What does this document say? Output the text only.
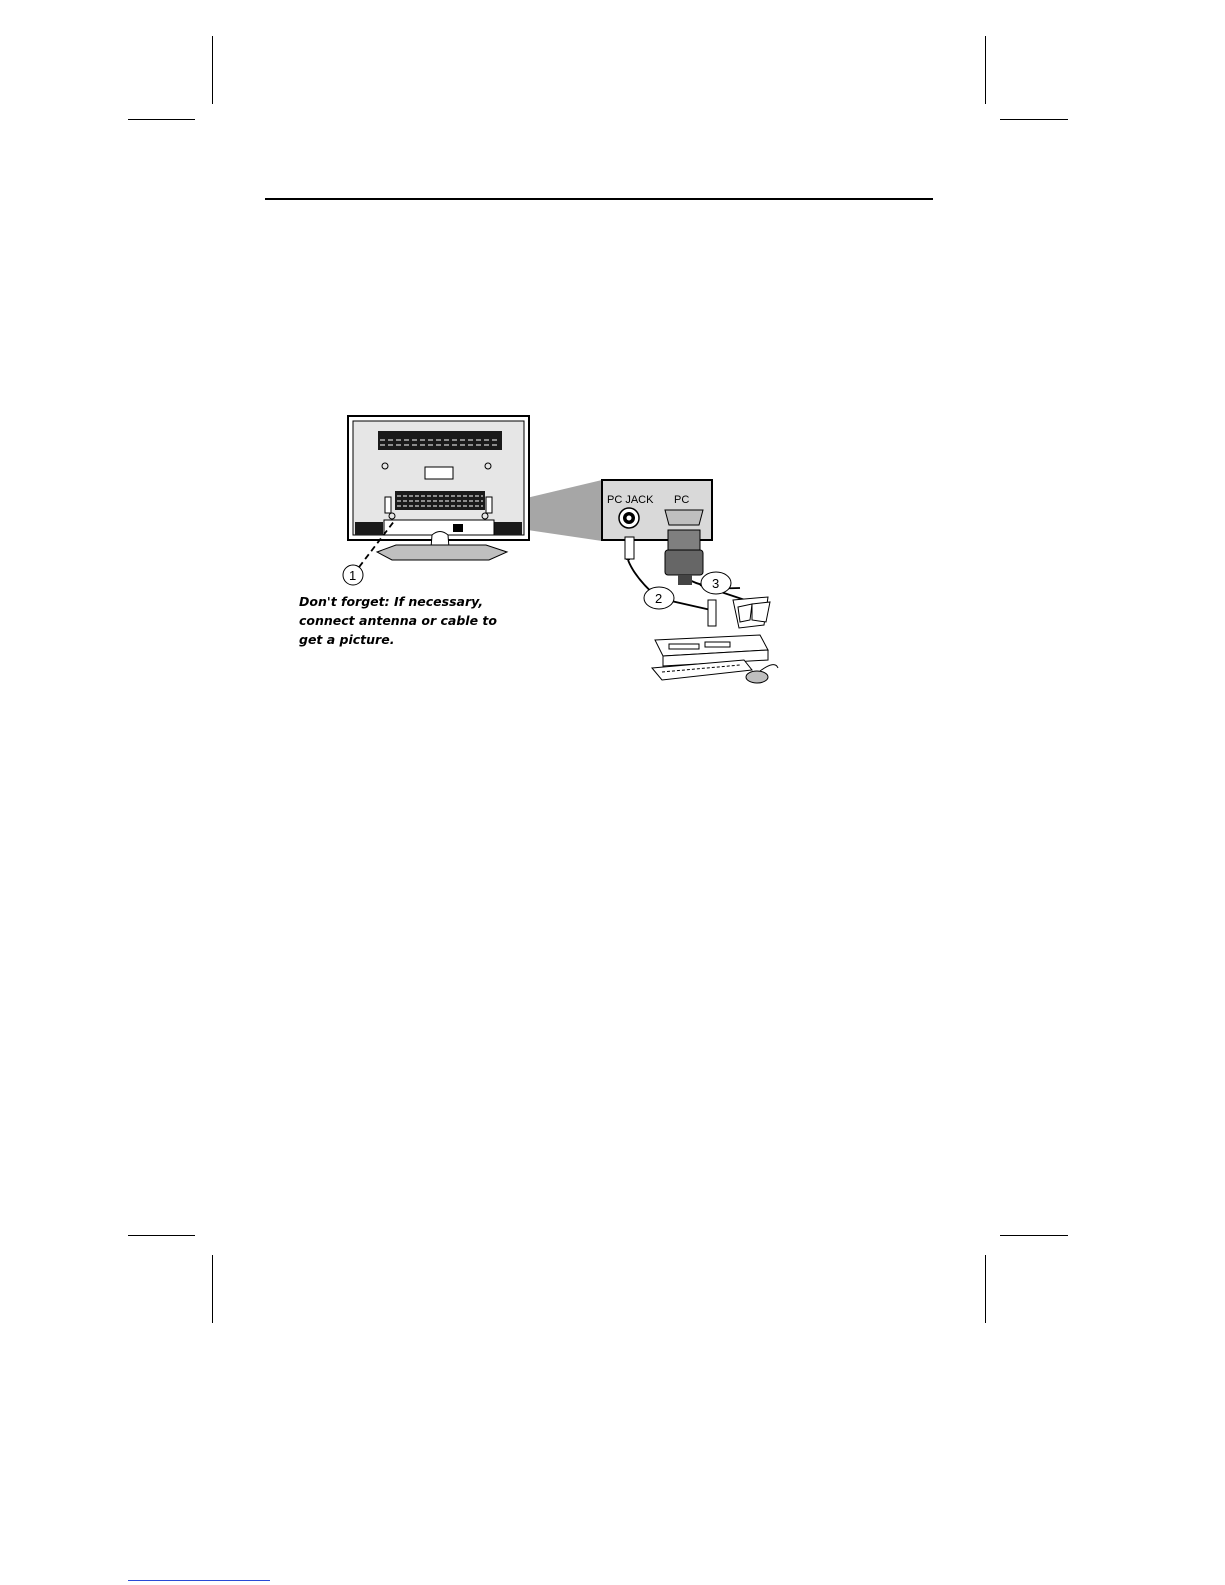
PC JACK PC
1
2
3
Don't forget: If necessary,
connect antenna or cable to
get a picture.
